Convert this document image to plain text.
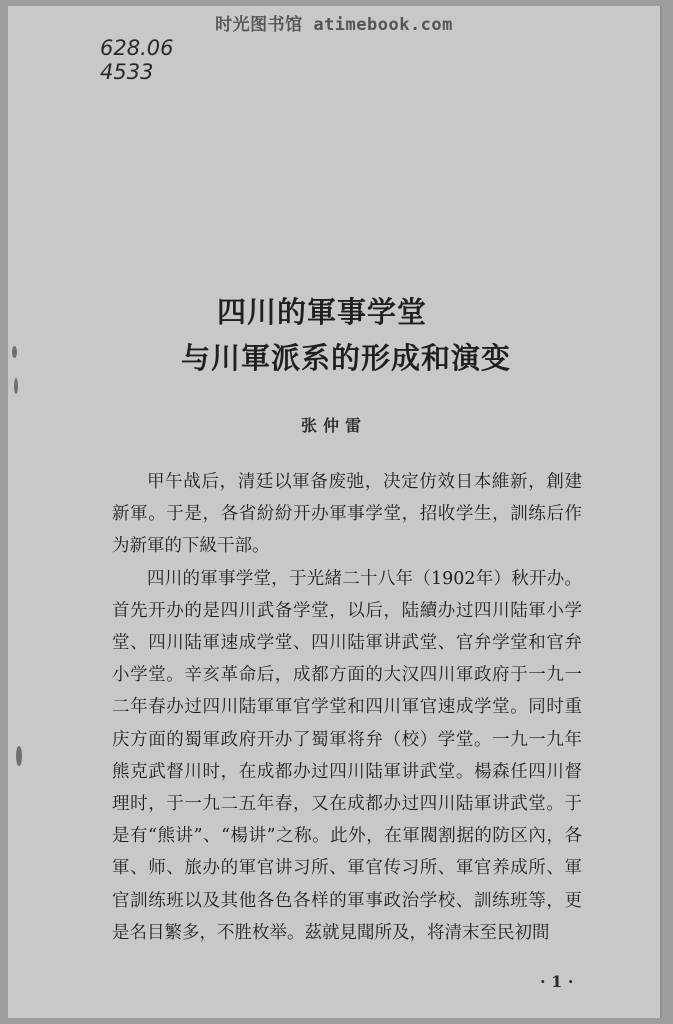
时光图书馆 atimebook.com
628.06
4533
四川的軍事学堂
与川軍派系的形成和演变
张仲雷

甲午战后，清廷以軍备废弛，决定仿效日本維新，創建新軍。于是，各省紛紛开办軍事学堂，招收学生，訓练后作为新軍的下級干部。

四川的軍事学堂，于光緒二十八年（1902年）秋开办。首先开办的是四川武备学堂，以后，陆續办过四川陆軍小学堂、四川陆軍速成学堂、四川陆軍讲武堂、官弁学堂和官弁小学堂。辛亥革命后，成都方面的大汉四川軍政府于一九一二年春办过四川陆軍軍官学堂和四川軍官速成学堂。同时重庆方面的蜀軍政府开办了蜀軍将弁（校）学堂。一九一九年熊克武督川时，在成都办过四川陆軍讲武堂。楊森任四川督理时，于一九二五年春，又在成都办过四川陆軍讲武堂。于是有“熊讲”、“楊讲”之称。此外，在軍閥割据的防区內，各軍、师、旅办的軍官讲习所、軍官传习所、軍官养成所、軍官訓练班以及其他各色各样的軍事政治学校、訓练班等，更是名目繁多，不胜枚举。茲就見聞所及，将清末至民初間

· 1 ·
